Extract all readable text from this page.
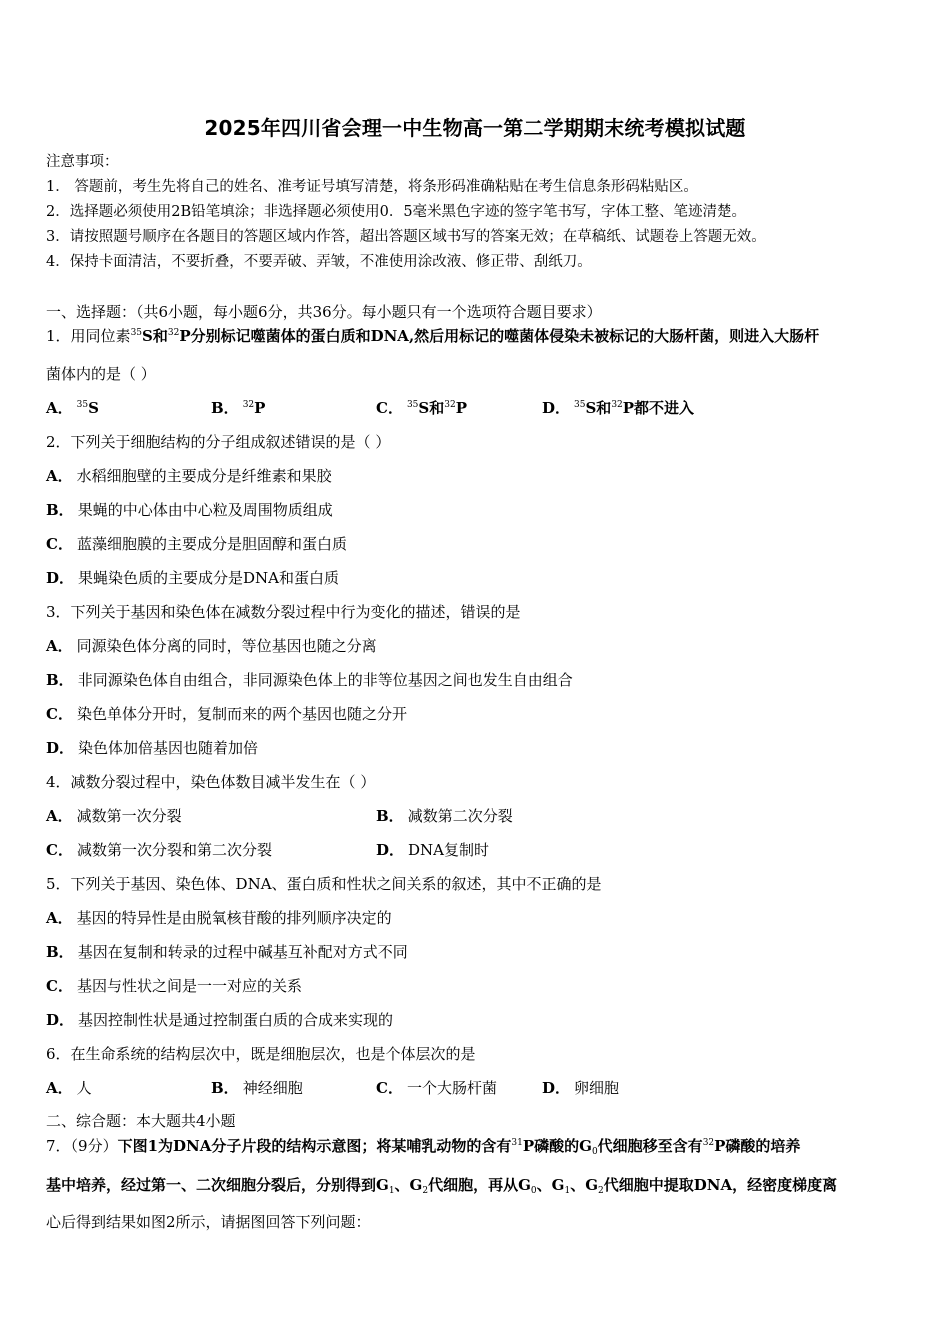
2025年四川省会理一中生物高一第二学期期末统考模拟试题
注意事项：
1． 答题前，考生先将自己的姓名、准考证号填写清楚，将条形码准确粘贴在考生信息条形码粘贴区。
2．选择题必须使用2B铅笔填涂；非选择题必须使用0．5毫米黑色字迹的签字笔书写，字体工整、笔迹清楚。
3．请按照题号顺序在各题目的答题区域内作答，超出答题区域书写的答案无效；在草稿纸、试题卷上答题无效。
4．保持卡面清洁，不要折叠，不要弄破、弄皱，不准使用涂改液、修正带、刮纸刀。
一、选择题：（共6小题，每小题6分，共36分。每小题只有一个选项符合题目要求）
1．用同位素$^{35}$S和$^{32}$P分别标记噬菌体的蛋白质和DNA,然后用标记的噬菌体侵染未被标记的大肠杆菌，则进入大肠杆
菌体内的是（ ）
A． $^{35}$S	B． $^{32}$P	C． $^{35}$S和$^{32}$P	D． $^{35}$S和$^{32}$P都不进入
2．下列关于细胞结构的分子组成叙述错误的是（ ）
A． 水稻细胞壁的主要成分是纤维素和果胶
B． 果蝇的中心体由中心粒及周围物质组成
C． 蓝藻细胞膜的主要成分是胆固醇和蛋白质
D． 果蝇染色质的主要成分是DNA和蛋白质
3．下列关于基因和染色体在减数分裂过程中行为变化的描述，错误的是
A． 同源染色体分离的同时，等位基因也随之分离
B． 非同源染色体自由组合，非同源染色体上的非等位基因之间也发生自由组合
C． 染色单体分开时，复制而来的两个基因也随之分开
D． 染色体加倍基因也随着加倍
4．减数分裂过程中，染色体数目减半发生在（ ）
A． 减数第一次分裂	B． 减数第二次分裂
C． 减数第一次分裂和第二次分裂	D． DNA复制时
5．下列关于基因、染色体、DNA、蛋白质和性状之间关系的叙述，其中不正确的是
A． 基因的特异性是由脱氧核苷酸的排列顺序决定的
B． 基因在复制和转录的过程中碱基互补配对方式不同
C． 基因与性状之间是一一对应的关系
D． 基因控制性状是通过控制蛋白质的合成来实现的
6．在生命系统的结构层次中，既是细胞层次，也是个体层次的是
A． 人	B． 神经细胞	C． 一个大肠杆菌	D． 卵细胞
二、综合题：本大题共4小题
7．（9分）下图1为DNA分子片段的结构示意图；将某哺乳动物的含有$^{31}$P磷酸的$G_0$代细胞移至含有$^{32}$P磷酸的培养
基中培养，经过第一、二次细胞分裂后，分别得到$G_1$、$G_2$代细胞，再从$G_0$、$G_1$、$G_2$代细胞中提取DNA，经密度梯度离
心后得到结果如图2所示，请据图回答下列问题：
